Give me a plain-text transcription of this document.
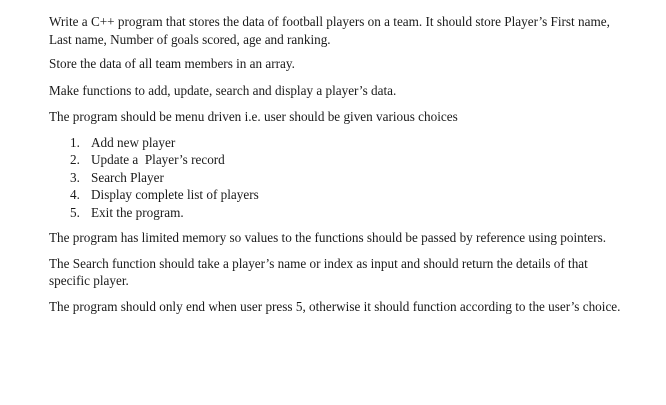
Write a C++ program that stores the data of football players on a team. It should store Player’s First name, Last name, Number of goals scored, age and ranking.

Store the data of all team members in an array.

Make functions to add, update, search and display a player’s data.

The program should be menu driven i.e. user should be given various choices

1. Add new player
2. Update a  Player’s record
3. Search Player
4. Display complete list of players
5. Exit the program.

The program has limited memory so values to the functions should be passed by reference using pointers.

The Search function should take a player’s name or index as input and should return the details of that specific player.

The program should only end when user press 5, otherwise it should function according to the user’s choice.
